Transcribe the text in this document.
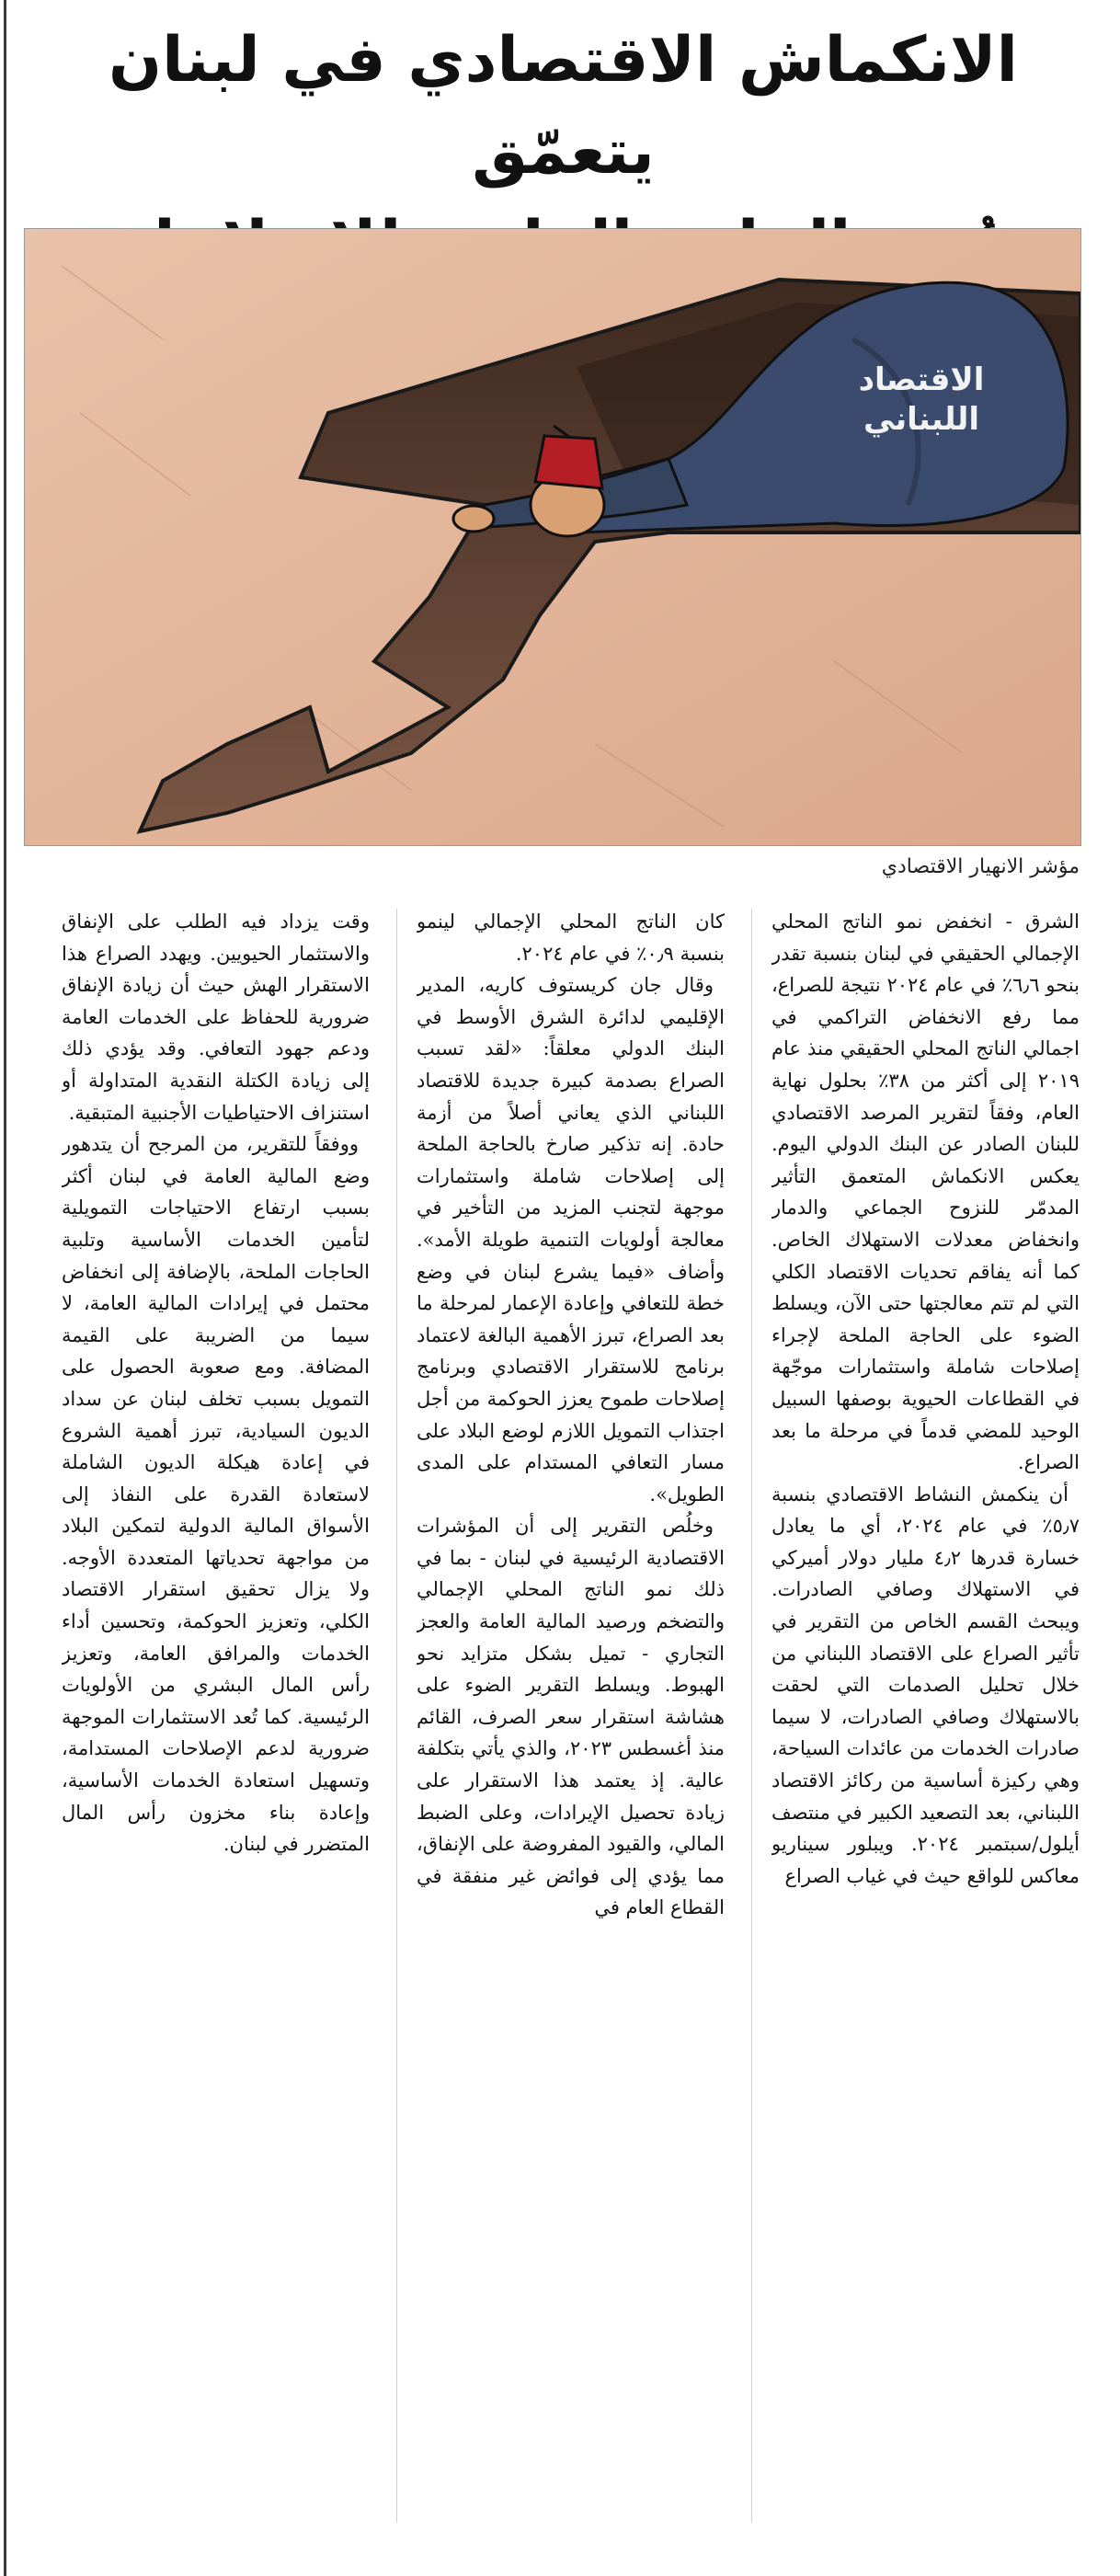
الانكماش الاقتصادي في لبنان يتعمّق
الاقتصاد
اللبناني
مؤشر الانهيار الاقتصادي

الشرق - انخفض نمو الناتج المحلي الإجمالي الحقيقي في لبنان بنسبة تقدر بنحو ٦٫٦٪ في عام ٢٠٢٤ نتيجة للصراع، مما رفع الانخفاض التراكمي في اجمالي الناتج المحلي الحقيقي منذ عام ٢٠١٩ إلى أكثر من ٣٨٪ بحلول نهاية العام، وفقاً لتقرير المرصد الاقتصادي للبنان الصادر عن البنك الدولي اليوم. يعكس الانكماش المتعمق التأثير المدمّر للنزوح الجماعي والدمار وانخفاض معدلات الاستهلاك الخاص. كما أنه يفاقم تحديات الاقتصاد الكلي التي لم تتم معالجتها حتى الآن، ويسلط الضوء على الحاجة الملحة لإجراء إصلاحات شاملة واستثمارات موجّهة في القطاعات الحيوية بوصفها السبيل الوحيد للمضي قدماً في مرحلة ما بعد الصراع.

أن ينكمش النشاط الاقتصادي بنسبة ٥٫٧٪ في عام ٢٠٢٤، أي ما يعادل خسارة قدرها ٤٫٢ مليار دولار أميركي في الاستهلاك وصافي الصادرات. ويبحث القسم الخاص من التقرير في تأثير الصراع على الاقتصاد اللبناني من خلال تحليل الصدمات التي لحقت بالاستهلاك وصافي الصادرات، لا سيما صادرات الخدمات من عائدات السياحة، وهي ركيزة أساسية من ركائز الاقتصاد اللبناني، بعد التصعيد الكبير في منتصف أيلول/سبتمبر ٢٠٢٤. ويبلور سيناريو معاكس للواقع حيث في غياب الصراع

كان الناتج المحلي الإجمالي لينمو بنسبة ٠٫٩٪ في عام ٢٠٢٤.

وقال جان كريستوف كاريه، المدير الإقليمي لدائرة الشرق الأوسط في البنك الدولي معلقاً: «لقد تسبب الصراع بصدمة كبيرة جديدة للاقتصاد اللبناني الذي يعاني أصلاً من أزمة حادة. إنه تذكير صارخ بالحاجة الملحة إلى إصلاحات شاملة واستثمارات موجهة لتجنب المزيد من التأخير في معالجة أولويات التنمية طويلة الأمد». وأضاف «فيما يشرع لبنان في وضع خطة للتعافي وإعادة الإعمار لمرحلة ما بعد الصراع، تبرز الأهمية البالغة لاعتماد برنامج للاستقرار الاقتصادي وبرنامج إصلاحات طموح يعزز الحوكمة من أجل اجتذاب التمويل اللازم لوضع البلاد على مسار التعافي المستدام على المدى الطويل».

وخلُص التقرير إلى أن المؤشرات الاقتصادية الرئيسية في لبنان - بما في ذلك نمو الناتج المحلي الإجمالي والتضخم ورصيد المالية العامة والعجز التجاري - تميل بشكل متزايد نحو الهبوط. ويسلط التقرير الضوء على هشاشة استقرار سعر الصرف، القائم منذ أغسطس ٢٠٢٣، والذي يأتي بتكلفة عالية. إذ يعتمد هذا الاستقرار على زيادة تحصيل الإيرادات، وعلى الضبط المالي، والقيود المفروضة على الإنفاق، مما يؤدي إلى فوائض غير منفقة في القطاع العام في

وقت يزداد فيه الطلب على الإنفاق والاستثمار الحيويين. ويهدد الصراع هذا الاستقرار الهش حيث أن زيادة الإنفاق ضرورية للحفاظ على الخدمات العامة ودعم جهود التعافي. وقد يؤدي ذلك إلى زيادة الكتلة النقدية المتداولة أو استنزاف الاحتياطيات الأجنبية المتبقية.

ووفقاً للتقرير، من المرجح أن يتدهور وضع المالية العامة في لبنان أكثر بسبب ارتفاع الاحتياجات التمويلية لتأمين الخدمات الأساسية وتلبية الحاجات الملحة، بالإضافة إلى انخفاض محتمل في إيرادات المالية العامة، لا سيما من الضريبة على القيمة المضافة. ومع صعوبة الحصول على التمويل بسبب تخلف لبنان عن سداد الديون السيادية، تبرز أهمية الشروع في إعادة هيكلة الديون الشاملة لاستعادة القدرة على النفاذ إلى الأسواق المالية الدولية لتمكين البلاد من مواجهة تحدياتها المتعددة الأوجه. ولا يزال تحقيق استقرار الاقتصاد الكلي، وتعزيز الحوكمة، وتحسين أداء الخدمات والمرافق العامة، وتعزيز رأس المال البشري من الأولويات الرئيسية. كما تُعد الاستثمارات الموجهة ضرورية لدعم الإصلاحات المستدامة، وتسهيل استعادة الخدمات الأساسية، وإعادة بناء مخزون رأس المال المتضرر في لبنان.
